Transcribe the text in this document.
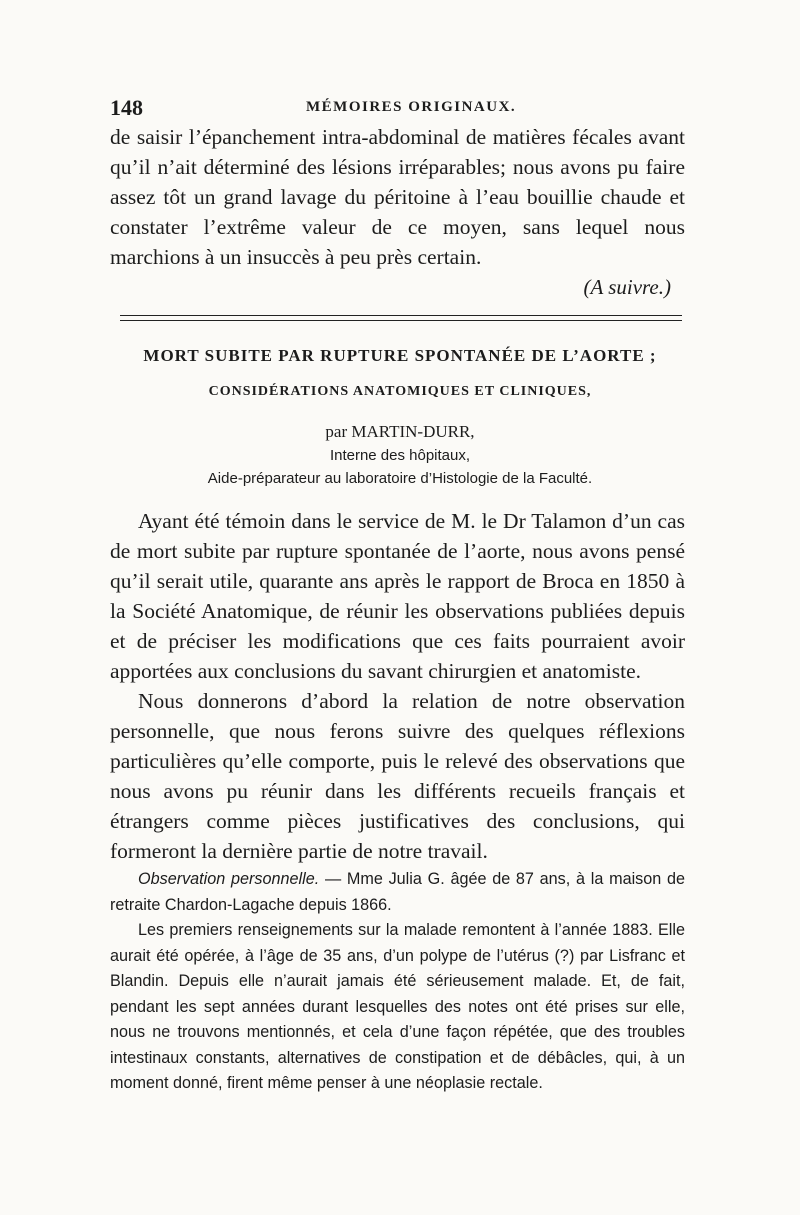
148	MÉMOIRES ORIGINAUX.

de saisir l’épanchement intra-abdominal de matières fécales avant qu’il n’ait déterminé des lésions irréparables; nous avons pu faire assez tôt un grand lavage du péritoine à l’eau bouillie chaude et constater l’extrême valeur de ce moyen, sans lequel nous marchions à un insuccès à peu près certain.

(A suivre.)
MORT SUBITE PAR RUPTURE SPONTANÉE DE L’AORTE ;
CONSIDÉRATIONS ANATOMIQUES ET CLINIQUES,
par MARTIN-DURR,
Interne des hôpitaux,
Aide-préparateur au laboratoire d’Histologie de la Faculté.

Ayant été témoin dans le service de M. le Dr Talamon d’un cas de mort subite par rupture spontanée de l’aorte, nous avons pensé qu’il serait utile, quarante ans après le rapport de Broca en 1850 à la Société Anatomique, de réunir les observations publiées depuis et de préciser les modifications que ces faits pourraient avoir apportées aux conclusions du savant chirurgien et anatomiste.

Nous donnerons d’abord la relation de notre observation personnelle, que nous ferons suivre des quelques réflexions particulières qu’elle comporte, puis le relevé des observations que nous avons pu réunir dans les différents recueils français et étrangers comme pièces justificatives des conclusions, qui formeront la dernière partie de notre travail.

Observation personnelle. — Mme Julia G. âgée de 87 ans, à la maison de retraite Chardon-Lagache depuis 1866.

Les premiers renseignements sur la malade remontent à l’année 1883. Elle aurait été opérée, à l’âge de 35 ans, d’un polype de l’utérus (?) par Lisfranc et Blandin. Depuis elle n’aurait jamais été sérieusement malade. Et, de fait, pendant les sept années durant lesquelles des notes ont été prises sur elle, nous ne trouvons mentionnés, et cela d’une façon répétée, que des troubles intestinaux constants, alternatives de constipation et de débâcles, qui, à un moment donné, firent même penser à une néoplasie rectale.
